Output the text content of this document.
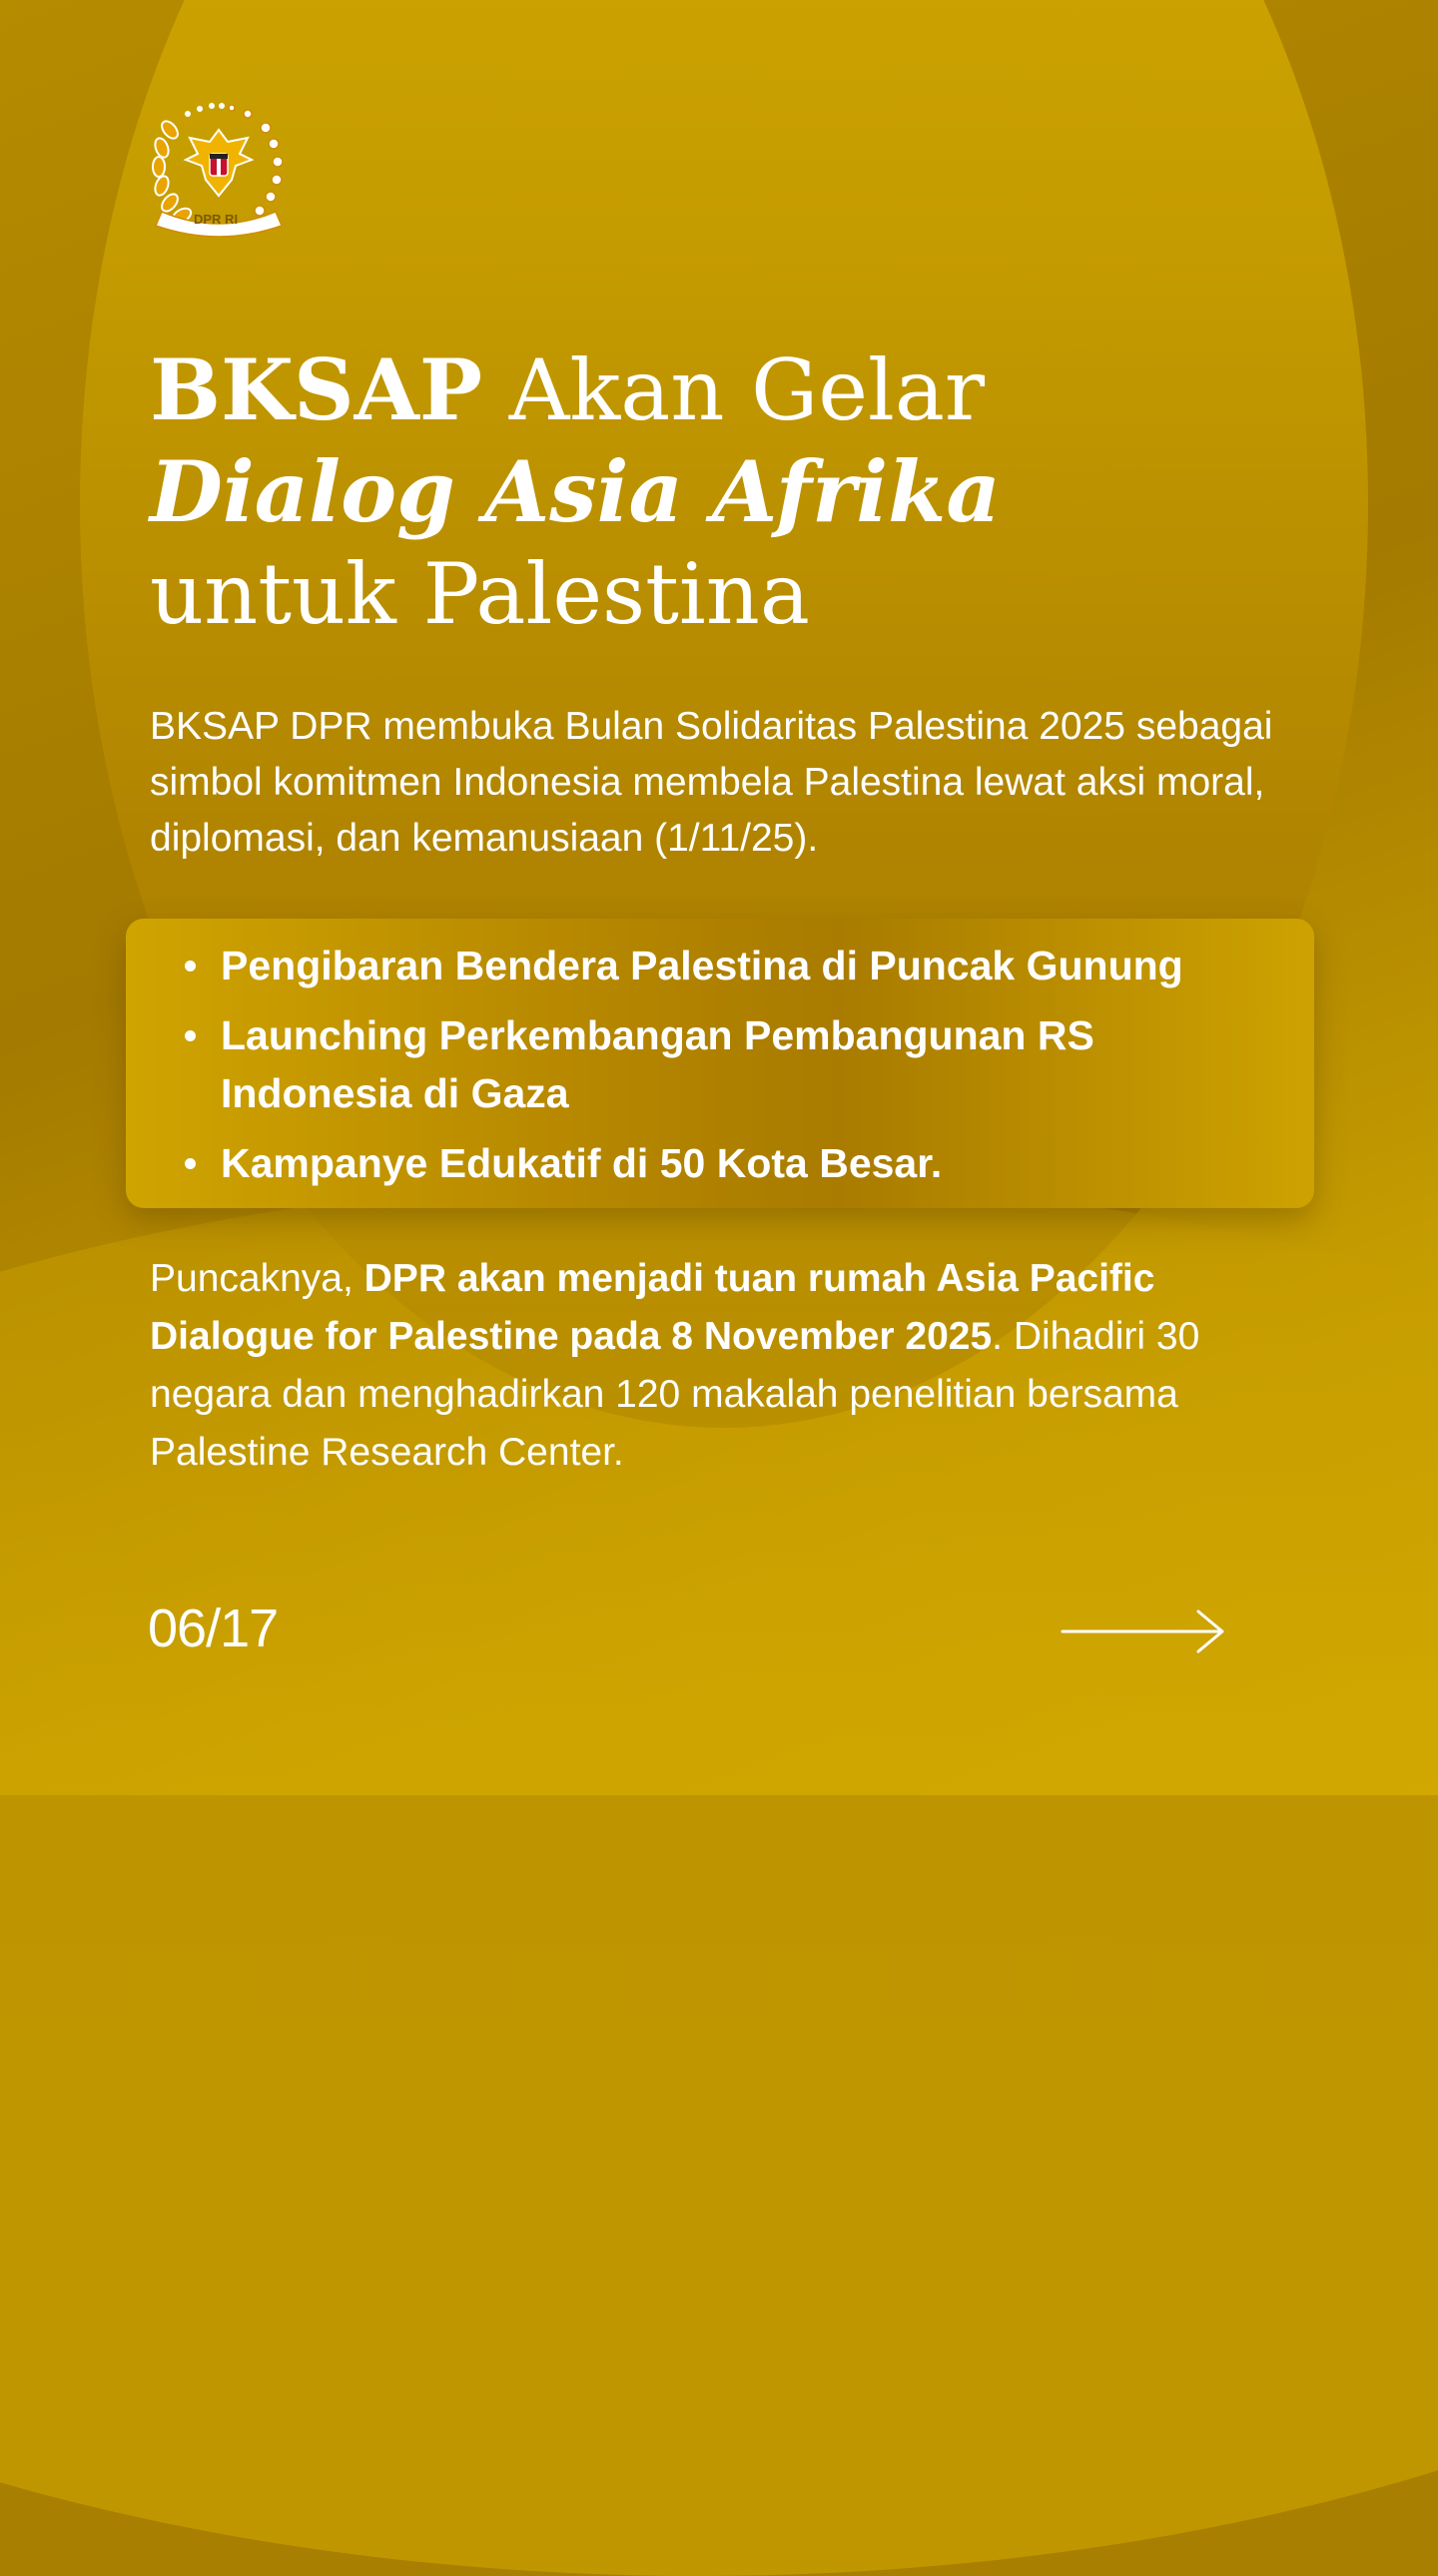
DPR RI
BKSAP Akan Gelar
Dialog Asia Afrika
untuk Palestina

BKSAP DPR membuka Bulan Solidaritas Palestina 2025 sebagai simbol komitmen Indonesia membela Palestina lewat aksi moral, diplomasi, dan kemanusiaan (1/11/25).

Pengibaran Bendera Palestina di Puncak Gunung
Launching Perkembangan Pembangunan RS Indonesia di Gaza
Kampanye Edukatif di 50 Kota Besar.

Puncaknya, DPR akan menjadi tuan rumah Asia Pacific Dialogue for Palestine pada 8 November 2025. Dihadiri 30 negara dan menghadirkan 120 makalah penelitian bersama Palestine Research Center.

06/17
